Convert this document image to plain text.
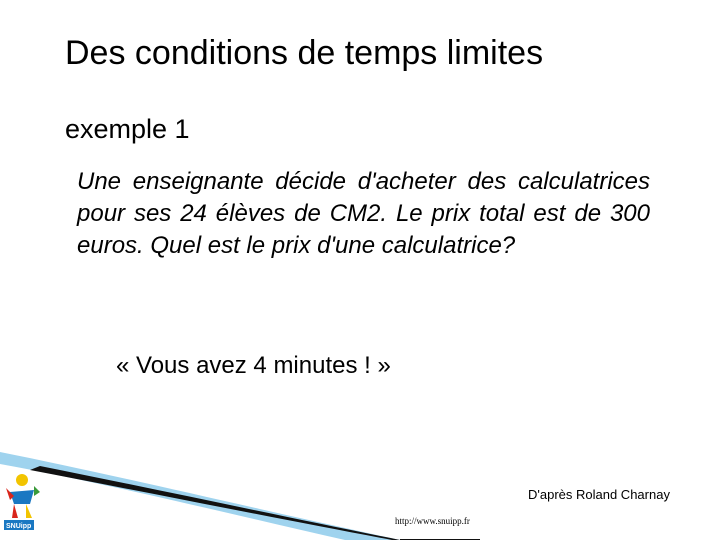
Des conditions de temps limites
exemple 1
Une enseignante décide d'acheter des calculatrices pour ses 24 élèves de CM2. Le prix total est de 300 euros. Quel est le prix d'une calculatrice?
« Vous avez 4 minutes ! »
SNUipp
D'après Roland Charnay
http://www.snuipp.fr
